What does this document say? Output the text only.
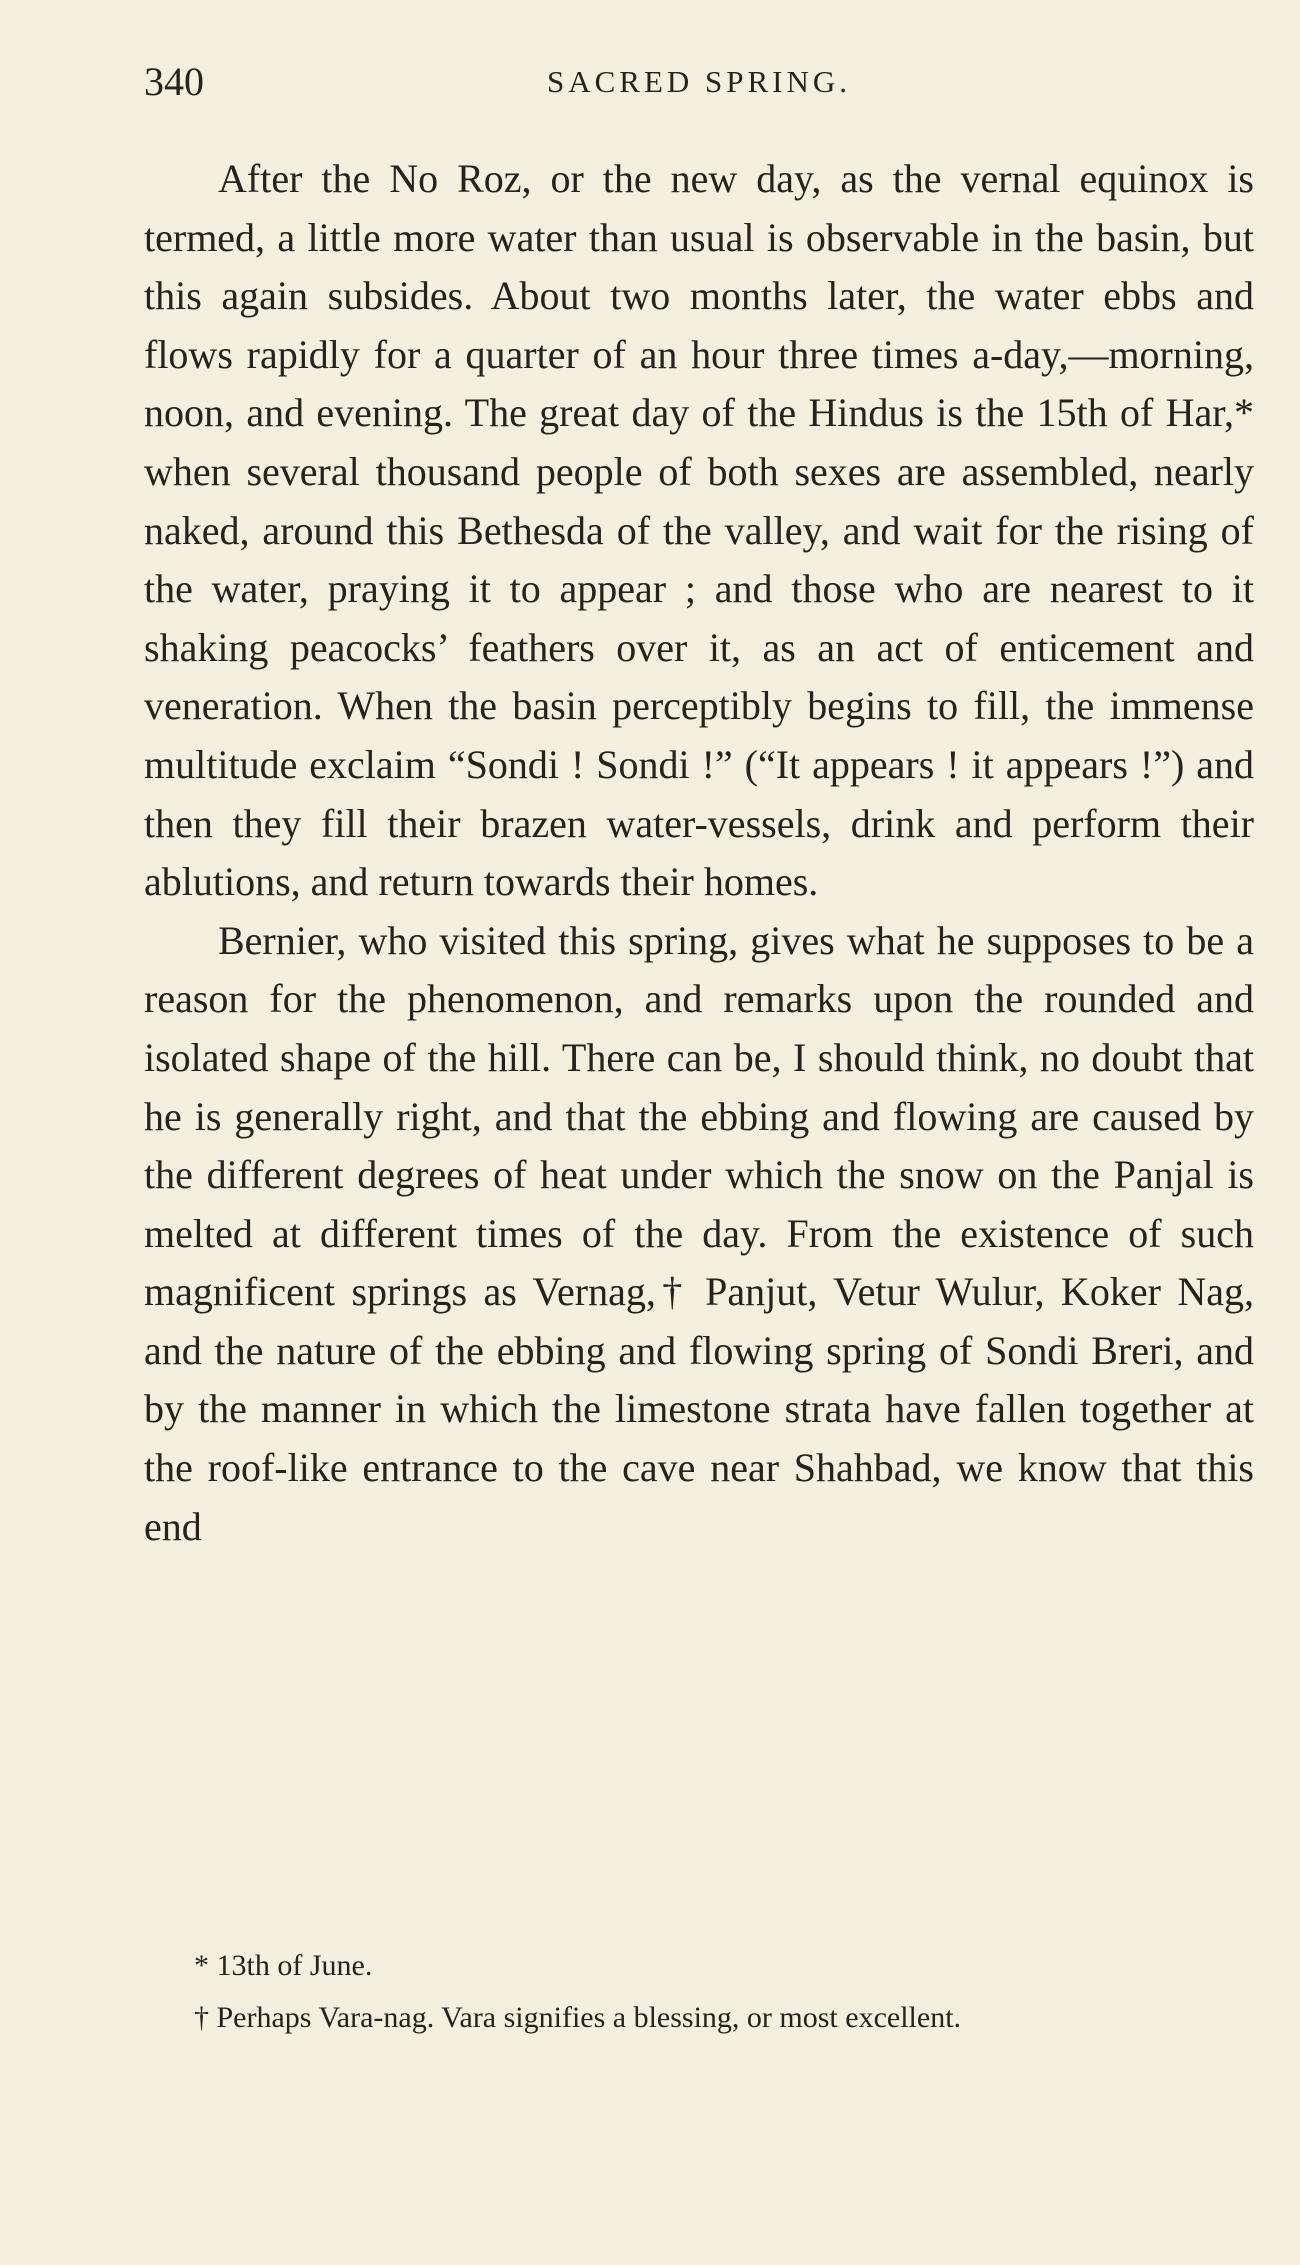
340	SACRED SPRING.

After the No Roz, or the new day, as the vernal equinox is termed, a little more water than usual is observable in the basin, but this again subsides. About two months later, the water ebbs and flows rapidly for a quarter of an hour three times a-day,—morning, noon, and evening. The great day of the Hindus is the 15th of Har,* when several thousand people of both sexes are assembled, nearly naked, around this Bethesda of the valley, and wait for the rising of the water, praying it to appear ; and those who are nearest to it shaking peacocks’ feathers over it, as an act of enticement and veneration. When the basin perceptibly begins to fill, the immense multitude exclaim “Sondi ! Sondi !” (“It appears ! it appears !”) and then they fill their brazen water-vessels, drink and perform their ablutions, and return towards their homes.

Bernier, who visited this spring, gives what he supposes to be a reason for the phenomenon, and remarks upon the rounded and isolated shape of the hill. There can be, I should think, no doubt that he is generally right, and that the ebbing and flowing are caused by the different degrees of heat under which the snow on the Panjal is melted at different times of the day. From the existence of such magnificent springs as Vernag,† Panjut, Vetur Wulur, Koker Nag, and the nature of the ebbing and flowing spring of Sondi Breri, and by the manner in which the limestone strata have fallen together at the roof-like entrance to the cave near Shahbad, we know that this end

* 13th of June.

† Perhaps Vara-nag. Vara signifies a blessing, or most excellent.
